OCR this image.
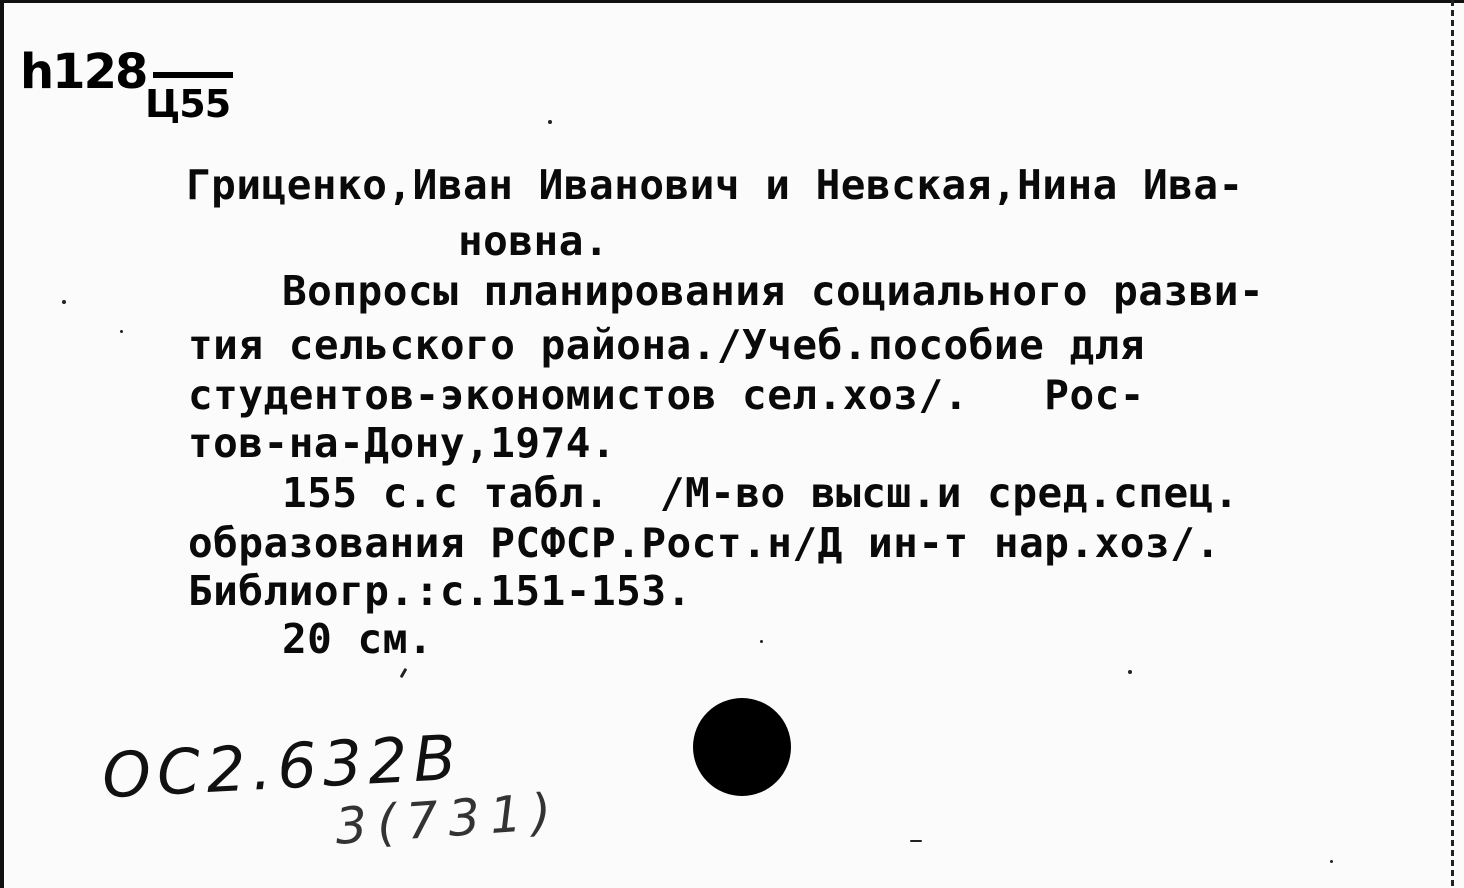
h128
Ц55
Гриценко,Иван Иванович и Невская,Нина Ива-
новна.
Вопросы планирования социального разви-
тия сельского района./Учеб.пособие для
студентов-экономистов сел.хоз/.   Рос-
тов-на-Дону,1974.
155 с.с табл.  /М-во высш.и сред.спец.
образования РСФСР.Рост.н/Д ин-т нар.хоз/.
Библиогр.:с.151-153.
20 см.
ОС2.632В
3(731)
